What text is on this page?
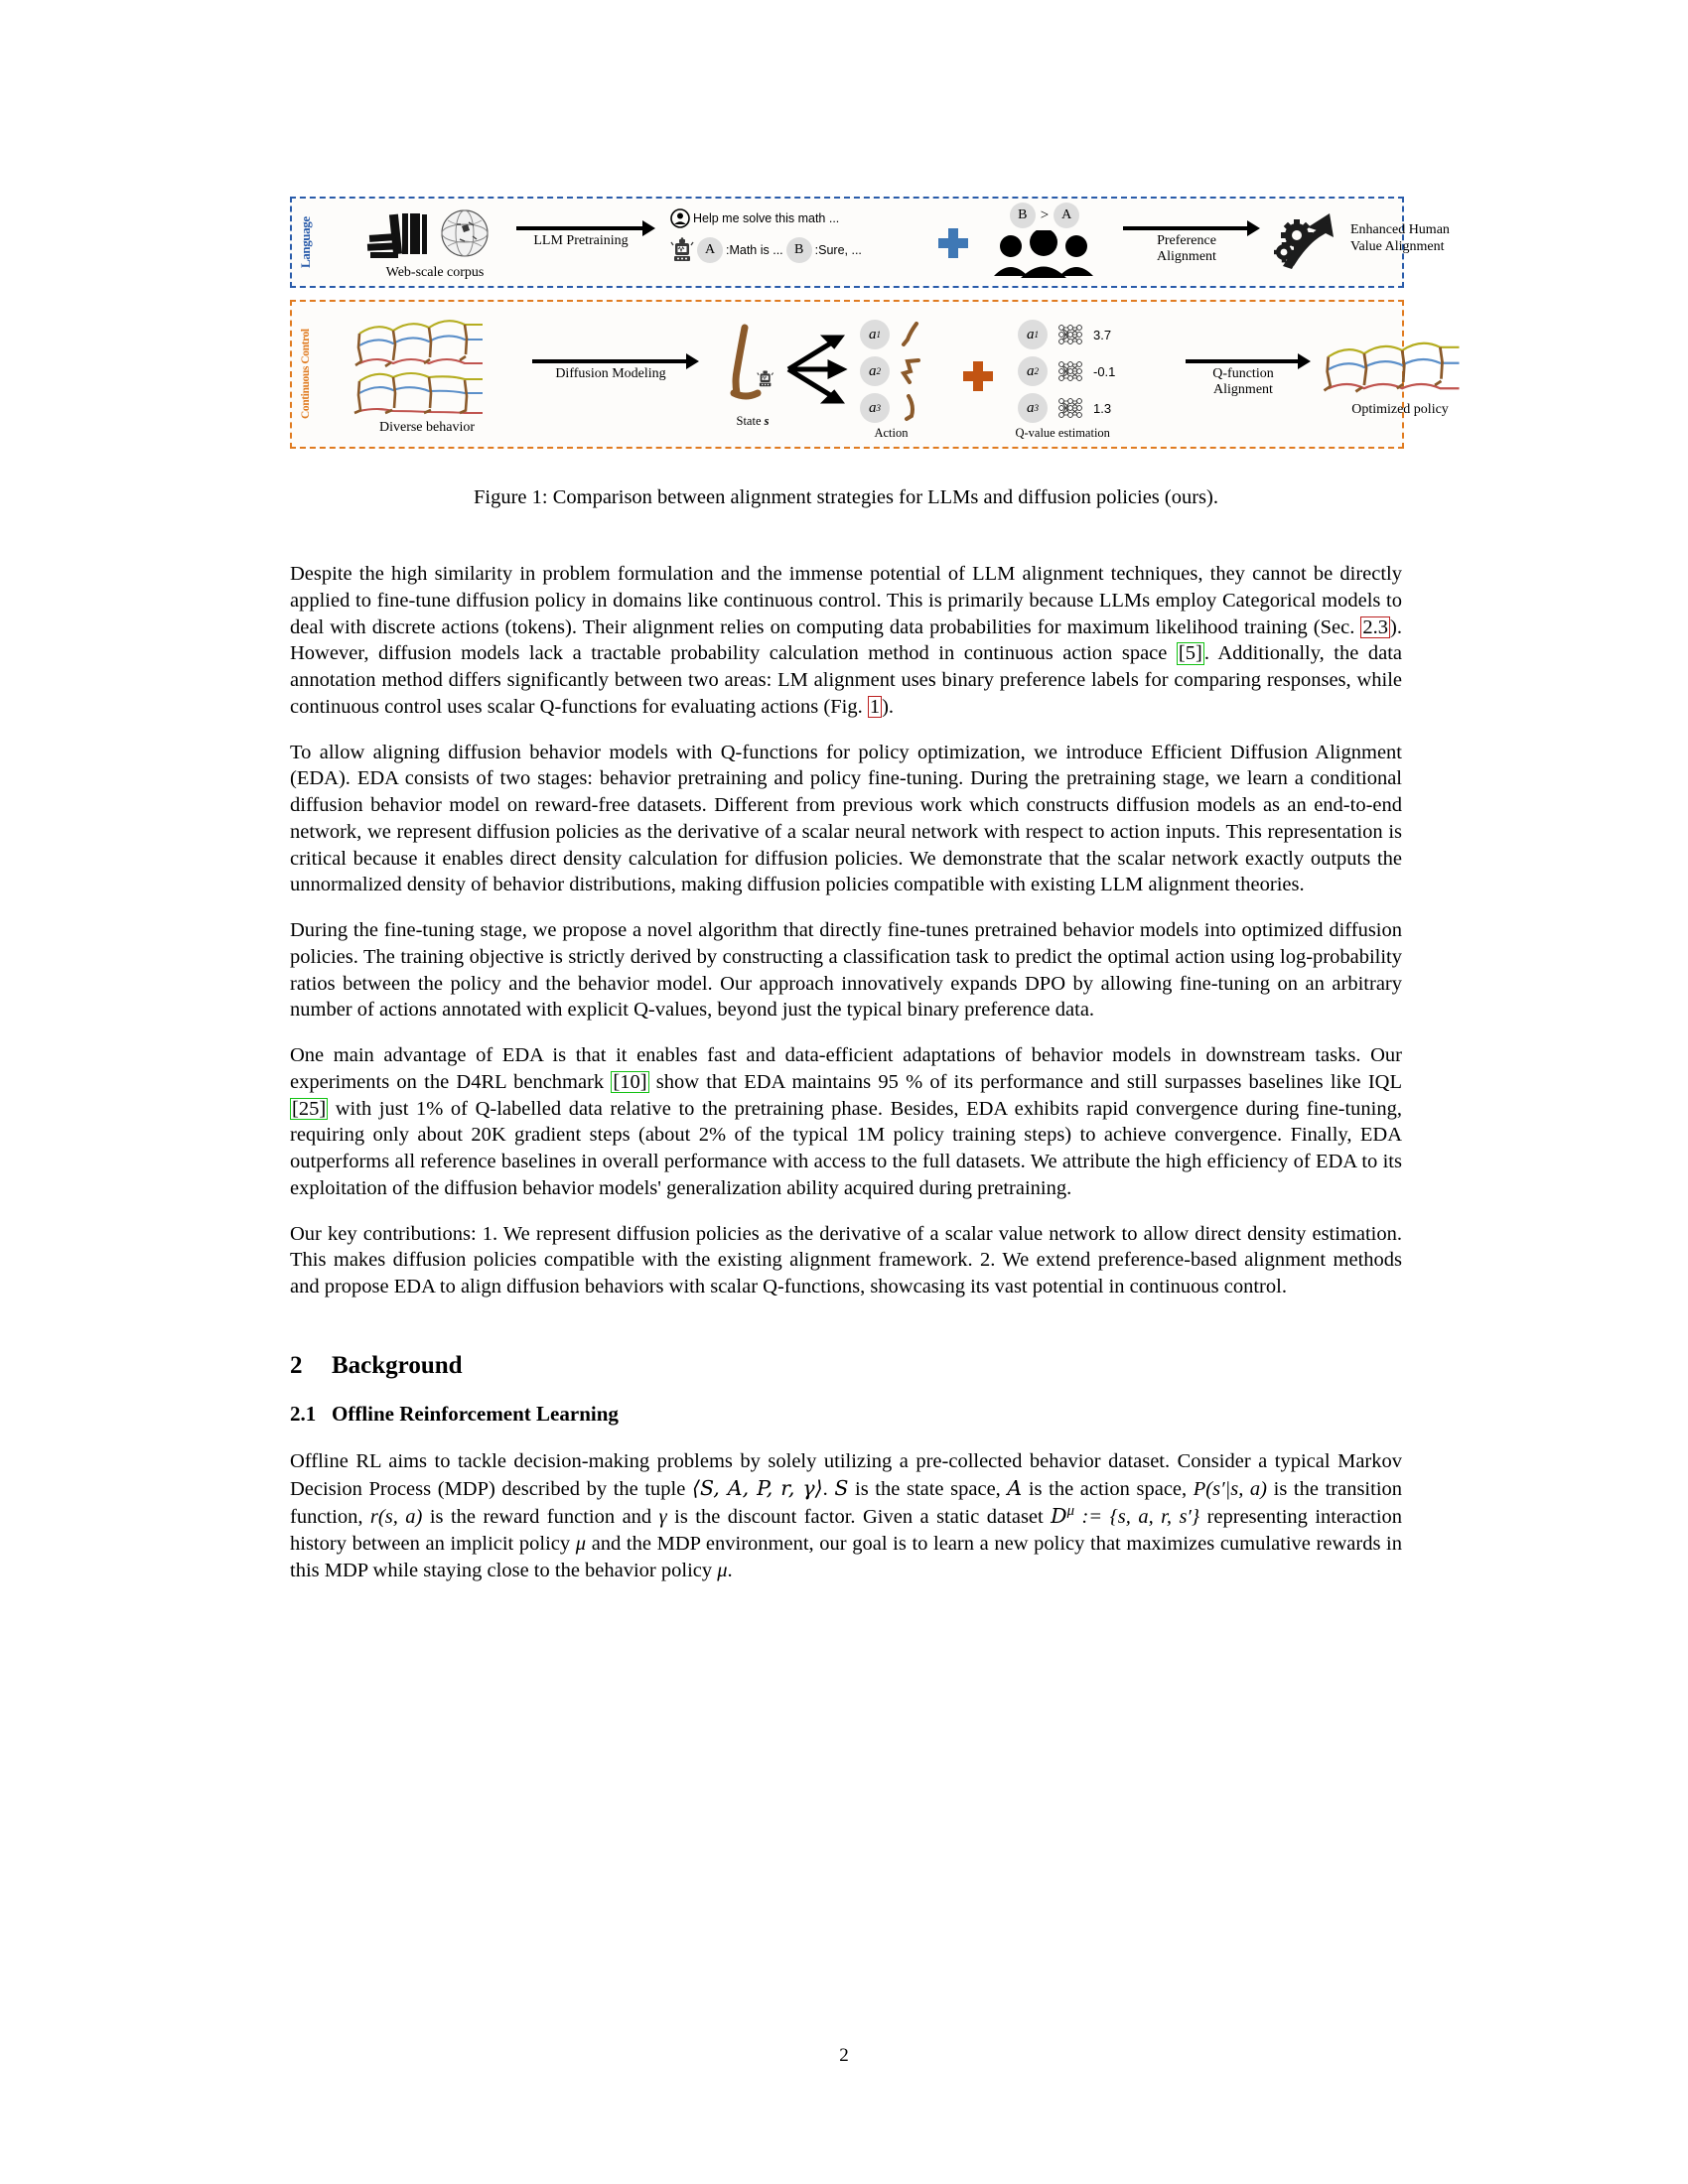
Language
Web-scale corpus
LLM Pretraining
Help me solve this math ...
A :Math is ... B :Sure, ...
B > A
Preference
Alignment
Enhanced Human
Value Alignment
Continuous Control
Diverse behavior
Diffusion Modeling
State s
a 1
a 2
a 3
Action
a 1	3.7
a 2	-0.1
a 3	1.3
Q-value estimation
Q-function
Alignment
Optimized policy
Figure 1: Comparison between alignment strategies for LLMs and diffusion policies (ours).

Despite the high similarity in problem formulation and the immense potential of LLM alignment techniques, they cannot be directly applied to fine-tune diffusion policy in domains like continuous control. This is primarily because LLMs employ Categorical models to deal with discrete actions (tokens). Their alignment relies on computing data probabilities for maximum likelihood training (Sec. 2.3). However, diffusion models lack a tractable probability calculation method in continuous action space [5]. Additionally, the data annotation method differs significantly between two areas: LM alignment uses binary preference labels for comparing responses, while continuous control uses scalar Q-functions for evaluating actions (Fig. 1).

To allow aligning diffusion behavior models with Q-functions for policy optimization, we introduce Efficient Diffusion Alignment (EDA). EDA consists of two stages: behavior pretraining and policy fine-tuning. During the pretraining stage, we learn a conditional diffusion behavior model on reward-free datasets. Different from previous work which constructs diffusion models as an end-to-end network, we represent diffusion policies as the derivative of a scalar neural network with respect to action inputs. This representation is critical because it enables direct density calculation for diffusion policies. We demonstrate that the scalar network exactly outputs the unnormalized density of behavior distributions, making diffusion policies compatible with existing LLM alignment theories.

During the fine-tuning stage, we propose a novel algorithm that directly fine-tunes pretrained behavior models into optimized diffusion policies. The training objective is strictly derived by constructing a classification task to predict the optimal action using log-probability ratios between the policy and the behavior model. Our approach innovatively expands DPO by allowing fine-tuning on an arbitrary number of actions annotated with explicit Q-values, beyond just the typical binary preference data.

One main advantage of EDA is that it enables fast and data-efficient adaptations of behavior models in downstream tasks. Our experiments on the D4RL benchmark [10] show that EDA maintains 95 % of its performance and still surpasses baselines like IQL [25] with just 1% of Q-labelled data relative to the pretraining phase. Besides, EDA exhibits rapid convergence during fine-tuning, requiring only about 20K gradient steps (about 2% of the typical 1M policy training steps) to achieve convergence. Finally, EDA outperforms all reference baselines in overall performance with access to the full datasets. We attribute the high efficiency of EDA to its exploitation of the diffusion behavior models' generalization ability acquired during pretraining.

Our key contributions: 1. We represent diffusion policies as the derivative of a scalar value network to allow direct density estimation. This makes diffusion policies compatible with the existing alignment framework. 2. We extend preference-based alignment methods and propose EDA to align diffusion behaviors with scalar Q-functions, showcasing its vast potential in continuous control.

2 Background
2.1 Offline Reinforcement Learning

Offline RL aims to tackle decision-making problems by solely utilizing a pre-collected behavior dataset. Consider a typical Markov Decision Process (MDP) described by the tuple ⟨S, A, P, r, γ⟩. S is the state space, A is the action space, P(s′|s, a) is the transition function, r(s, a) is the reward function and γ is the discount factor. Given a static dataset $D^\mu$ := {s, a, r, s′} representing interaction history between an implicit policy μ and the MDP environment, our goal is to learn a new policy that maximizes cumulative rewards in this MDP while staying close to the behavior policy μ.

2
